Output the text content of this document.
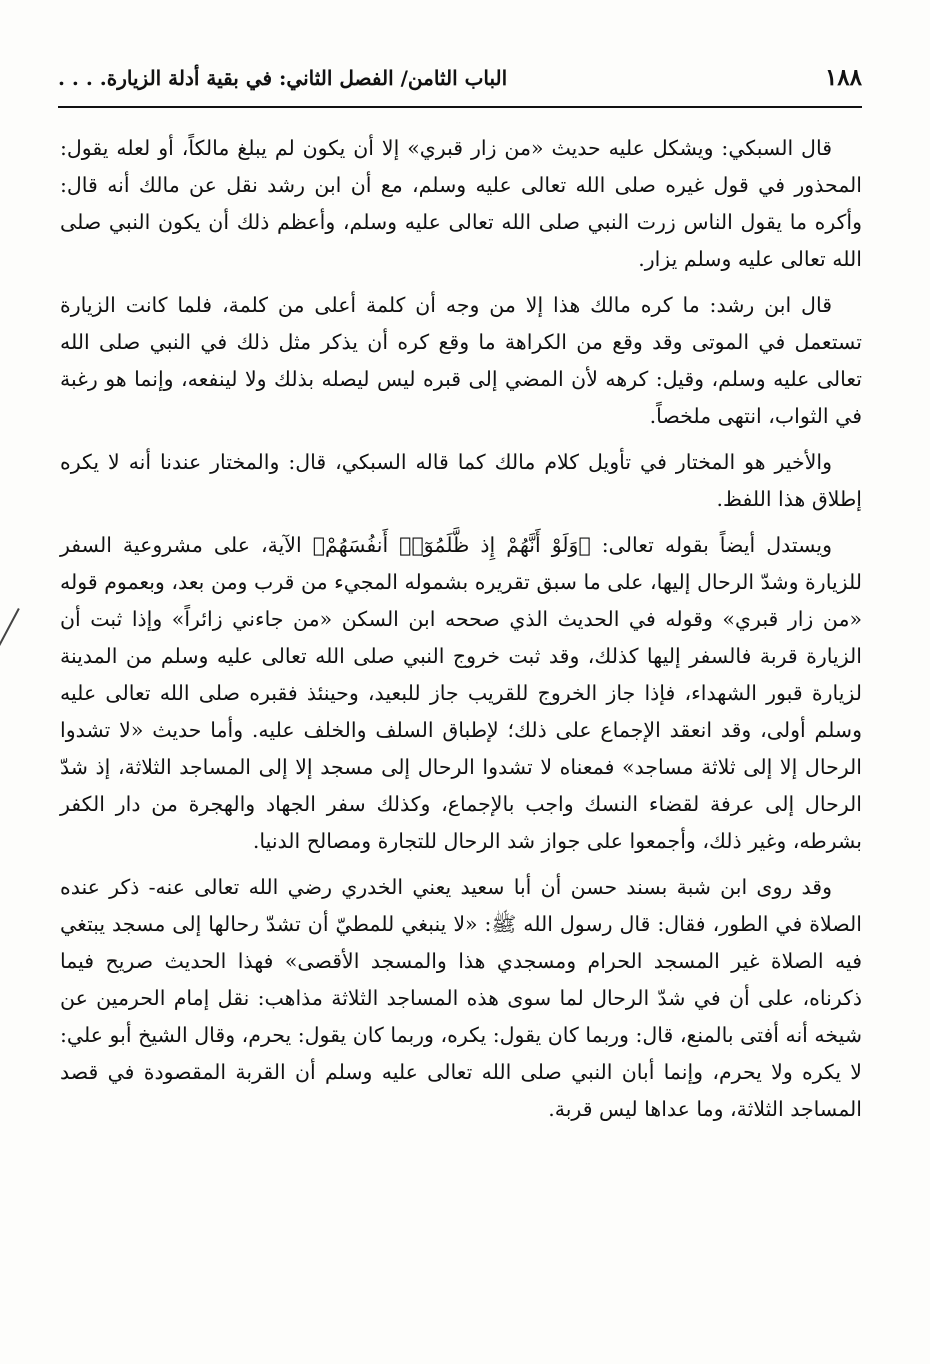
١٨٨
الباب الثامن/ الفصل الثاني: في بقية أدلة الزيارة. . . .

قال السبكي: ويشكل عليه حديث «من زار قبري» إلا أن يكون لم يبلغ مالكاً، أو لعله يقول: المحذور في قول غيره صلى الله تعالى عليه وسلم، مع أن ابن رشد نقل عن مالك أنه قال: وأكره ما يقول الناس زرت النبي صلى الله تعالى عليه وسلم، وأعظم ذلك أن يكون النبي صلى الله تعالى عليه وسلم يزار.

قال ابن رشد: ما كره مالك هذا إلا من وجه أن كلمة أعلى من كلمة، فلما كانت الزيارة تستعمل في الموتى وقد وقع من الكراهة ما وقع كره أن يذكر مثل ذلك في النبي صلى الله تعالى عليه وسلم، وقيل: كرهه لأن المضي إلى قبره ليس ليصله بذلك ولا لينفعه، وإنما هو رغبة في الثواب، انتهى ملخصاً.

والأخير هو المختار في تأويل كلام مالك كما قاله السبكي، قال: والمختار عندنا أنه لا يكره إطلاق هذا اللفظ.

ويستدل أيضاً بقوله تعالى: ﴿وَلَوْ أَنَّهُمْ إِذ ظَّلَمُوٓا۟ أَنفُسَهُمْ﴾ الآية، على مشروعية السفر للزيارة وشدّ الرحال إليها، على ما سبق تقريره بشموله المجيء من قرب ومن بعد، وبعموم قوله «من زار قبري» وقوله في الحديث الذي صححه ابن السكن «من جاءني زائراً» وإذا ثبت أن الزيارة قربة فالسفر إليها كذلك، وقد ثبت خروج النبي صلى الله تعالى عليه وسلم من المدينة لزيارة قبور الشهداء، فإذا جاز الخروج للقريب جاز للبعيد، وحينئذ فقبره صلى الله تعالى عليه وسلم أولى، وقد انعقد الإجماع على ذلك؛ لإطباق السلف والخلف عليه. وأما حديث «لا تشدوا الرحال إلا إلى ثلاثة مساجد» فمعناه لا تشدوا الرحال إلى مسجد إلا إلى المساجد الثلاثة، إذ شدّ الرحال إلى عرفة لقضاء النسك واجب بالإجماع، وكذلك سفر الجهاد والهجرة من دار الكفر بشرطه، وغير ذلك، وأجمعوا على جواز شد الرحال للتجارة ومصالح الدنيا.

وقد روى ابن شبة بسند حسن أن أبا سعيد يعني الخدري رضي الله تعالى عنه- ذكر عنده الصلاة في الطور، فقال: قال رسول الله ﷺ: «لا ينبغي للمطيّ أن تشدّ رحالها إلى مسجد يبتغي فيه الصلاة غير المسجد الحرام ومسجدي هذا والمسجد الأقصى» فهذا الحديث صريح فيما ذكرناه، على أن في شدّ الرحال لما سوى هذه المساجد الثلاثة مذاهب: نقل إمام الحرمين عن شيخه أنه أفتى بالمنع، قال: وربما كان يقول: يكره، وربما كان يقول: يحرم، وقال الشيخ أبو علي: لا يكره ولا يحرم، وإنما أبان النبي صلى الله تعالى عليه وسلم أن القربة المقصودة في قصد المساجد الثلاثة، وما عداها ليس قربة.
